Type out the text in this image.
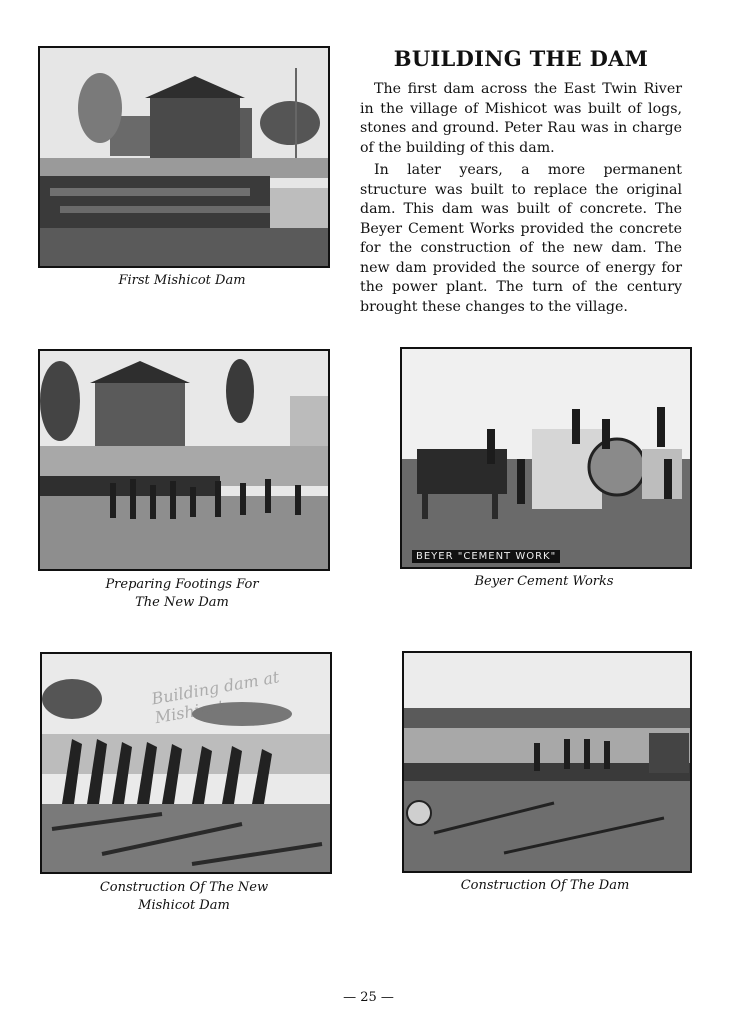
First Mishicot Dam
BUILDING THE DAM

The first dam across the East Twin River in the village of Mishicot was built of logs, stones and ground. Peter Rau was in charge of the building of this dam.

In later years, a more permanent structure was built to replace the original dam. This dam was built of concrete. The Beyer Cement Works provided the concrete for the construction of the new dam. The new dam provided the source of energy for the power plant. The turn of the century brought these changes to the village.

Preparing Footings For
The New Dam
BEYER "CEMENT WORK"
Beyer Cement Works
Building dam at Mishicot
Construction Of The New
Mishicot Dam
Construction Of The Dam
— 25 —
